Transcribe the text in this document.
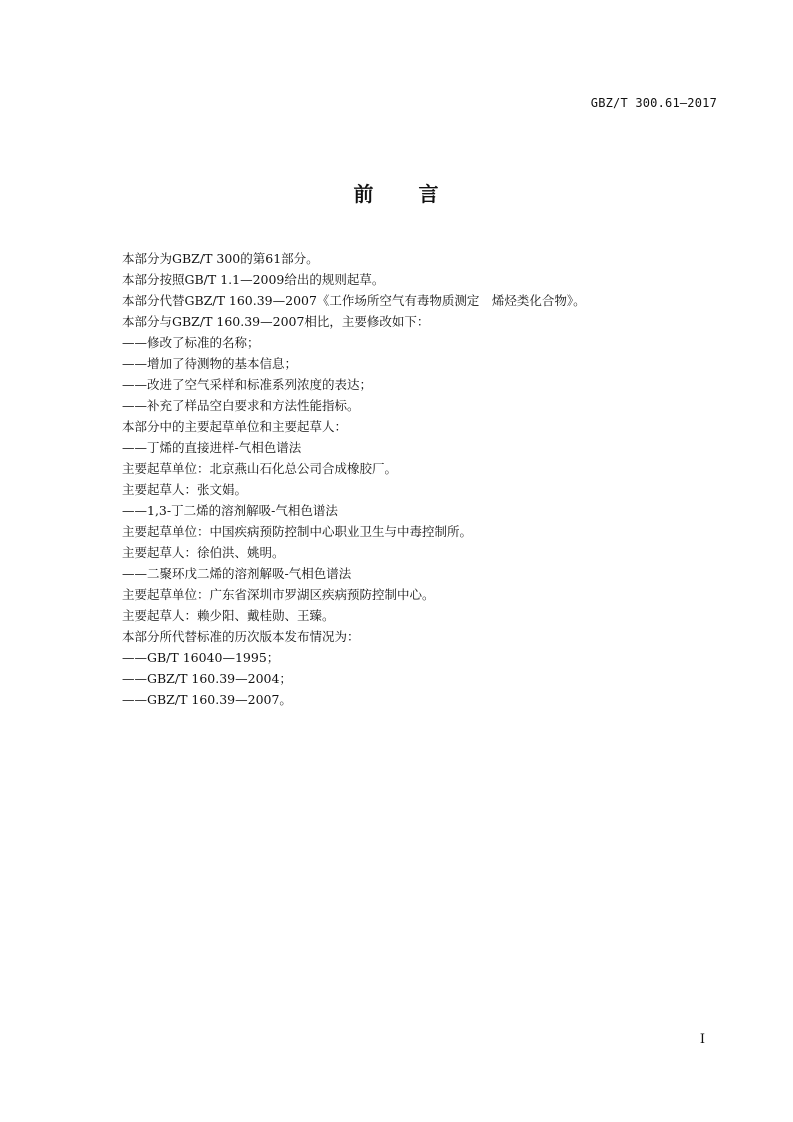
GBZ/T 300.61—2017
前 言
本部分为GBZ/T 300的第61部分。
本部分按照GB/T 1.1—2009给出的规则起草。
本部分代替GBZ/T 160.39—2007《工作场所空气有毒物质测定　烯烃类化合物》。
本部分与GBZ/T 160.39—2007相比，主要修改如下：
——修改了标准的名称；
——增加了待测物的基本信息；
——改进了空气采样和标准系列浓度的表达；
——补充了样品空白要求和方法性能指标。
本部分中的主要起草单位和主要起草人：
——丁烯的直接进样-气相色谱法
主要起草单位：北京燕山石化总公司合成橡胶厂。
主要起草人：张文娟。
——1,3-丁二烯的溶剂解吸-气相色谱法
主要起草单位：中国疾病预防控制中心职业卫生与中毒控制所。
主要起草人：徐伯洪、姚明。
——二聚环戊二烯的溶剂解吸-气相色谱法
主要起草单位：广东省深圳市罗湖区疾病预防控制中心。
主要起草人：赖少阳、戴桂勋、王臻。
本部分所代替标准的历次版本发布情况为：
——GB/T 16040—1995；
——GBZ/T 160.39—2004；
——GBZ/T 160.39—2007。
I
